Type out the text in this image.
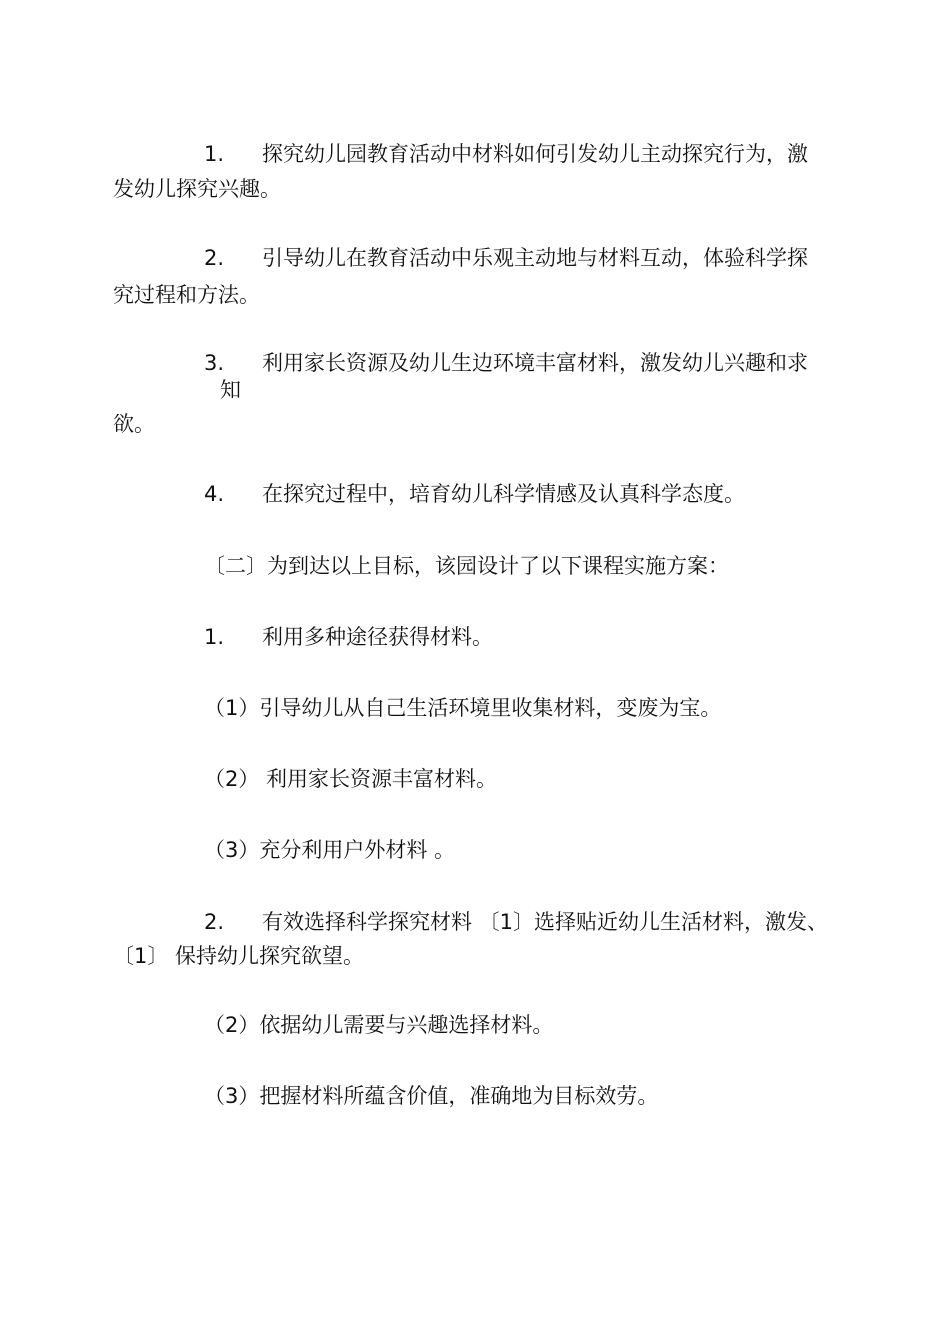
1. 探究幼儿园教育活动中材料如何引发幼儿主动探究行为，激
发幼儿探究兴趣。
2. 引导幼儿在教育活动中乐观主动地与材料互动，体验科学探
究过程和方法。
3. 利用家长资源及幼儿生边环境丰富材料，激发幼儿兴趣和求
知
欲。
4. 在探究过程中，培育幼儿科学情感及认真科学态度。
〔二〕为到达以上目标，该园设计了以下课程实施方案：
1. 利用多种途径获得材料。
（1）引导幼儿从自己生活环境里收集材料，变废为宝。
（2） 利用家长资源丰富材料。
（3）充分利用户外材料 。
2. 有效选择科学探究材料 〔1〕选择贴近幼儿生活材料，激发、
〔1〕 保持幼儿探究欲望。
（2）依据幼儿需要与兴趣选择材料。
（3）把握材料所蕴含价值，准确地为目标效劳。
